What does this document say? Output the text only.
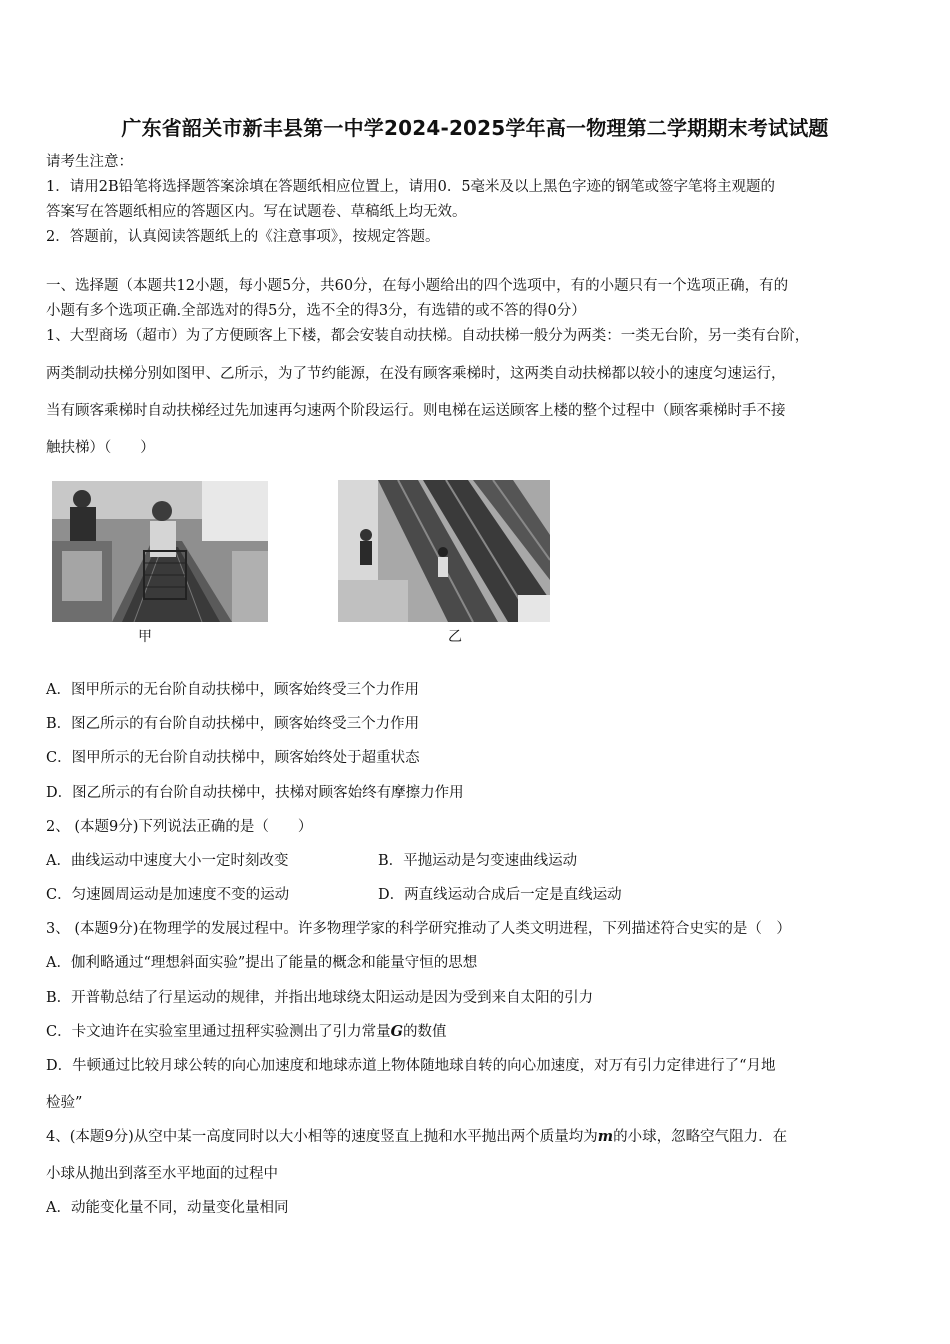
广东省韶关市新丰县第一中学2024-2025学年高一物理第二学期期末考试试题
请考生注意：
1．请用2B铅笔将选择题答案涂填在答题纸相应位置上，请用0．5毫米及以上黑色字迹的钢笔或签字笔将主观题的
答案写在答题纸相应的答题区内。写在试题卷、草稿纸上均无效。
2．答题前，认真阅读答题纸上的《注意事项》，按规定答题。
一、选择题（本题共12小题，每小题5分，共60分，在每小题给出的四个选项中，有的小题只有一个选项正确，有的
小题有多个选项正确.全部选对的得5分，选不全的得3分，有选错的或不答的得0分）
1、大型商场（超市）为了方便顾客上下楼，都会安装自动扶梯。自动扶梯一般分为两类：一类无台阶，另一类有台阶，
两类制动扶梯分别如图甲、乙所示，为了节约能源，在没有顾客乘梯时，这两类自动扶梯都以较小的速度匀速运行，
当有顾客乘梯时自动扶梯经过先加速再匀速两个阶段运行。则电梯在运送顾客上楼的整个过程中（顾客乘梯时手不接
触扶梯）（　　）
甲	乙
A．图甲所示的无台阶自动扶梯中，顾客始终受三个力作用
B．图乙所示的有台阶自动扶梯中，顾客始终受三个力作用
C．图甲所示的无台阶自动扶梯中，顾客始终处于超重状态
D．图乙所示的有台阶自动扶梯中，扶梯对顾客始终有摩擦力作用
2、 (本题9分)下列说法正确的是（　　）
A．曲线运动中速度大小一定时刻改变	B．平抛运动是匀变速曲线运动
C．匀速圆周运动是加速度不变的运动	D．两直线运动合成后一定是直线运动
3、 (本题9分)在物理学的发展过程中。许多物理学家的科学研究推动了人类文明进程，下列描述符合史实的是（　）
A．伽利略通过“理想斜面实验”提出了能量的概念和能量守恒的思想
B．开普勒总结了行星运动的规律，并指出地球绕太阳运动是因为受到来自太阳的引力
C．卡文迪许在实验室里通过扭秤实验测出了引力常量G的数值
D．牛顿通过比较月球公转的向心加速度和地球赤道上物体随地球自转的向心加速度，对万有引力定律进行了“月地
检验”
4、(本题9分)从空中某一高度同时以大小相等的速度竖直上抛和水平抛出两个质量均为m的小球，忽略空气阻力．在
小球从抛出到落至水平地面的过程中
A．动能变化量不同，动量变化量相同
